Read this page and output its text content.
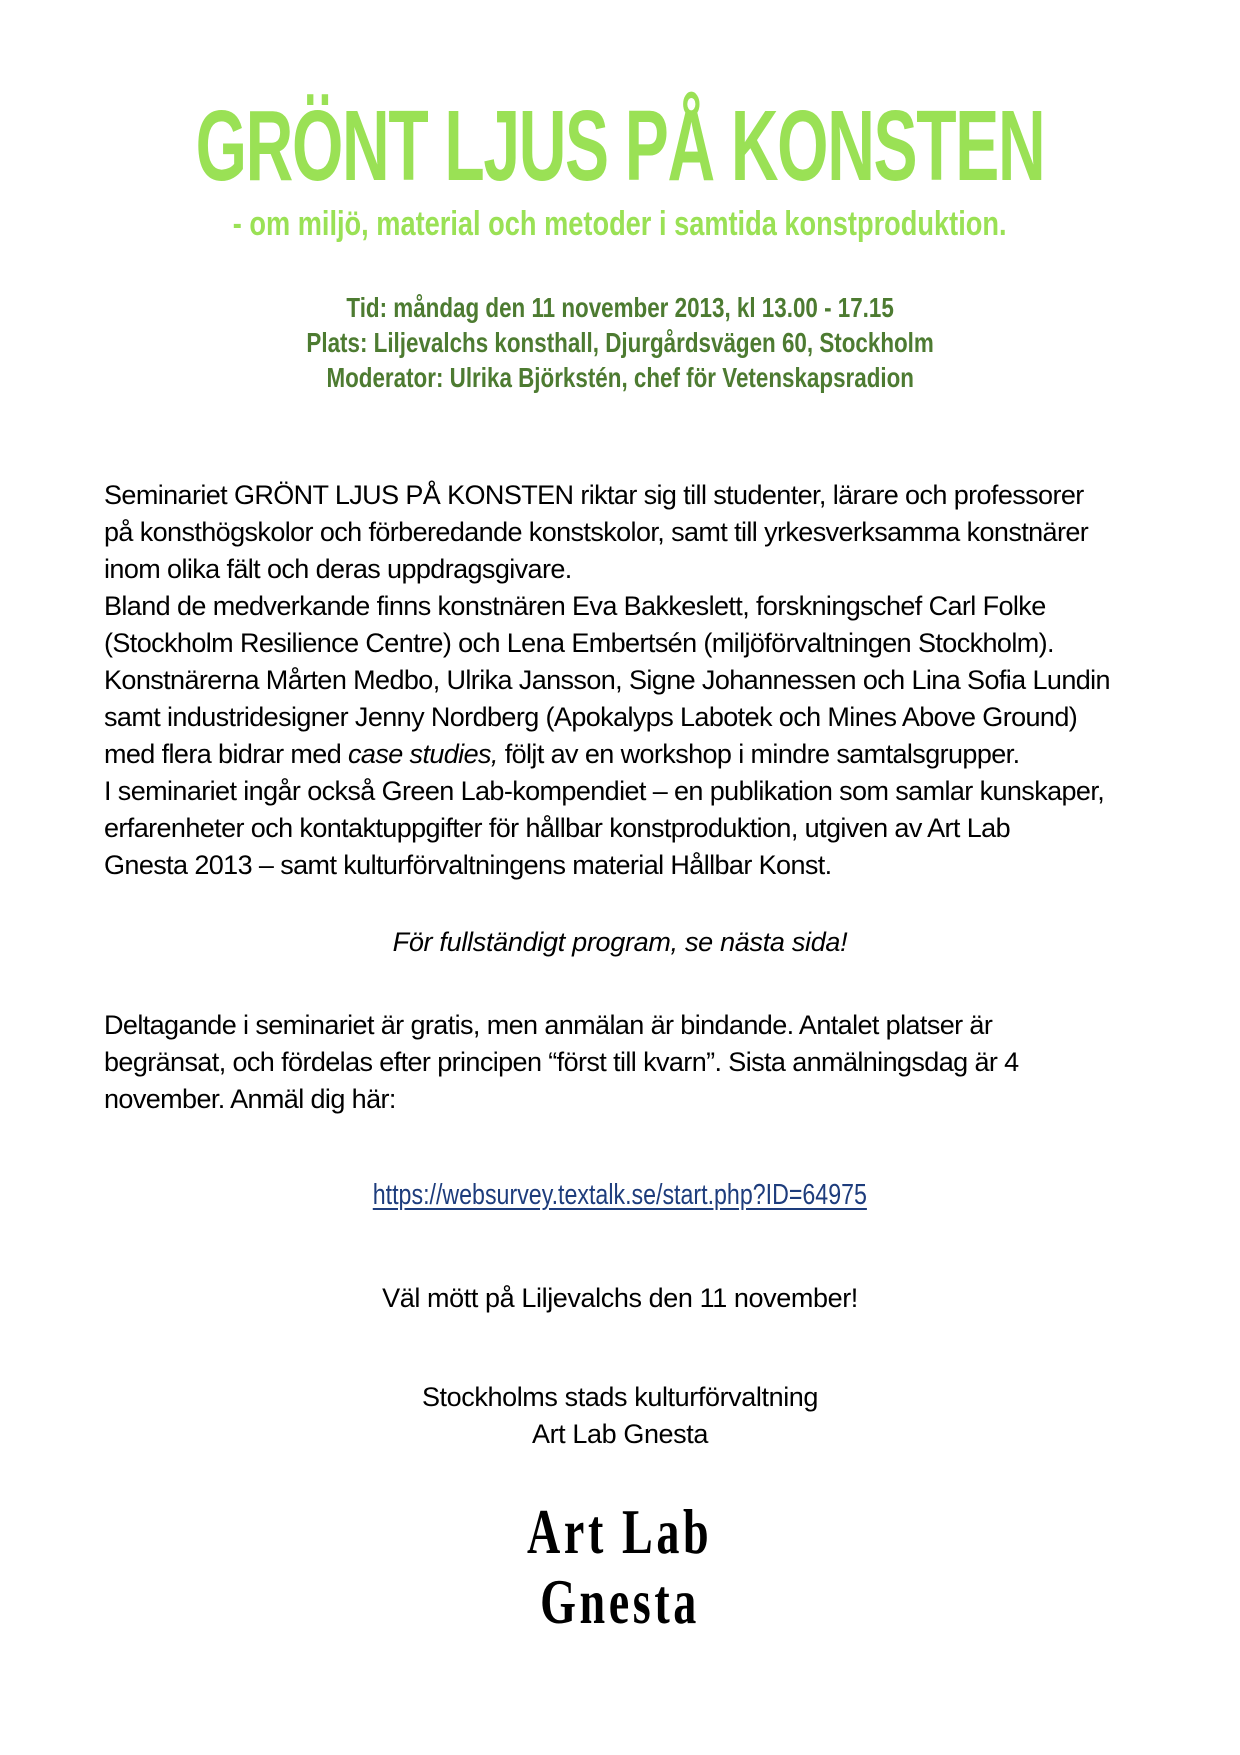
GRÖNT LJUS PÅ KONSTEN
- om miljö, material och metoder i samtida konstproduktion.
Tid: måndag den 11 november 2013, kl 13.00 - 17.15
Plats: Liljevalchs konsthall, Djurgårdsvägen 60, Stockholm
Moderator: Ulrika Björkstén, chef för Vetenskapsradion
Seminariet GRÖNT LJUS PÅ KONSTEN riktar sig till studenter, lärare och professorer
på konsthögskolor och förberedande konstskolor, samt till yrkesverksamma konstnärer
inom olika fält och deras uppdragsgivare.
Bland de medverkande finns konstnären Eva Bakkeslett, forskningschef Carl Folke
(Stockholm Resilience Centre) och Lena Embertsén (miljöförvaltningen Stockholm).
Konstnärerna Mårten Medbo, Ulrika Jansson, Signe Johannessen och Lina Sofia Lundin
samt industridesigner Jenny Nordberg (Apokalyps Labotek och Mines Above Ground)
med flera bidrar med case studies, följt av en workshop i mindre samtalsgrupper.
I seminariet ingår också Green Lab-kompendiet – en publikation som samlar kunskaper,
erfarenheter och kontaktuppgifter för hållbar konstproduktion, utgiven av Art Lab
Gnesta 2013 – samt kulturförvaltningens material Hållbar Konst.
För fullständigt program, se nästa sida!
Deltagande i seminariet är gratis, men anmälan är bindande. Antalet platser är
begränsat, och fördelas efter principen “först till kvarn”. Sista anmälningsdag är 4
november. Anmäl dig här:
https://websurvey.textalk.se/start.php?ID=64975
Väl mött på Liljevalchs den 11 november!
Stockholms stads kulturförvaltning
Art Lab Gnesta
Art Lab
Gnesta
